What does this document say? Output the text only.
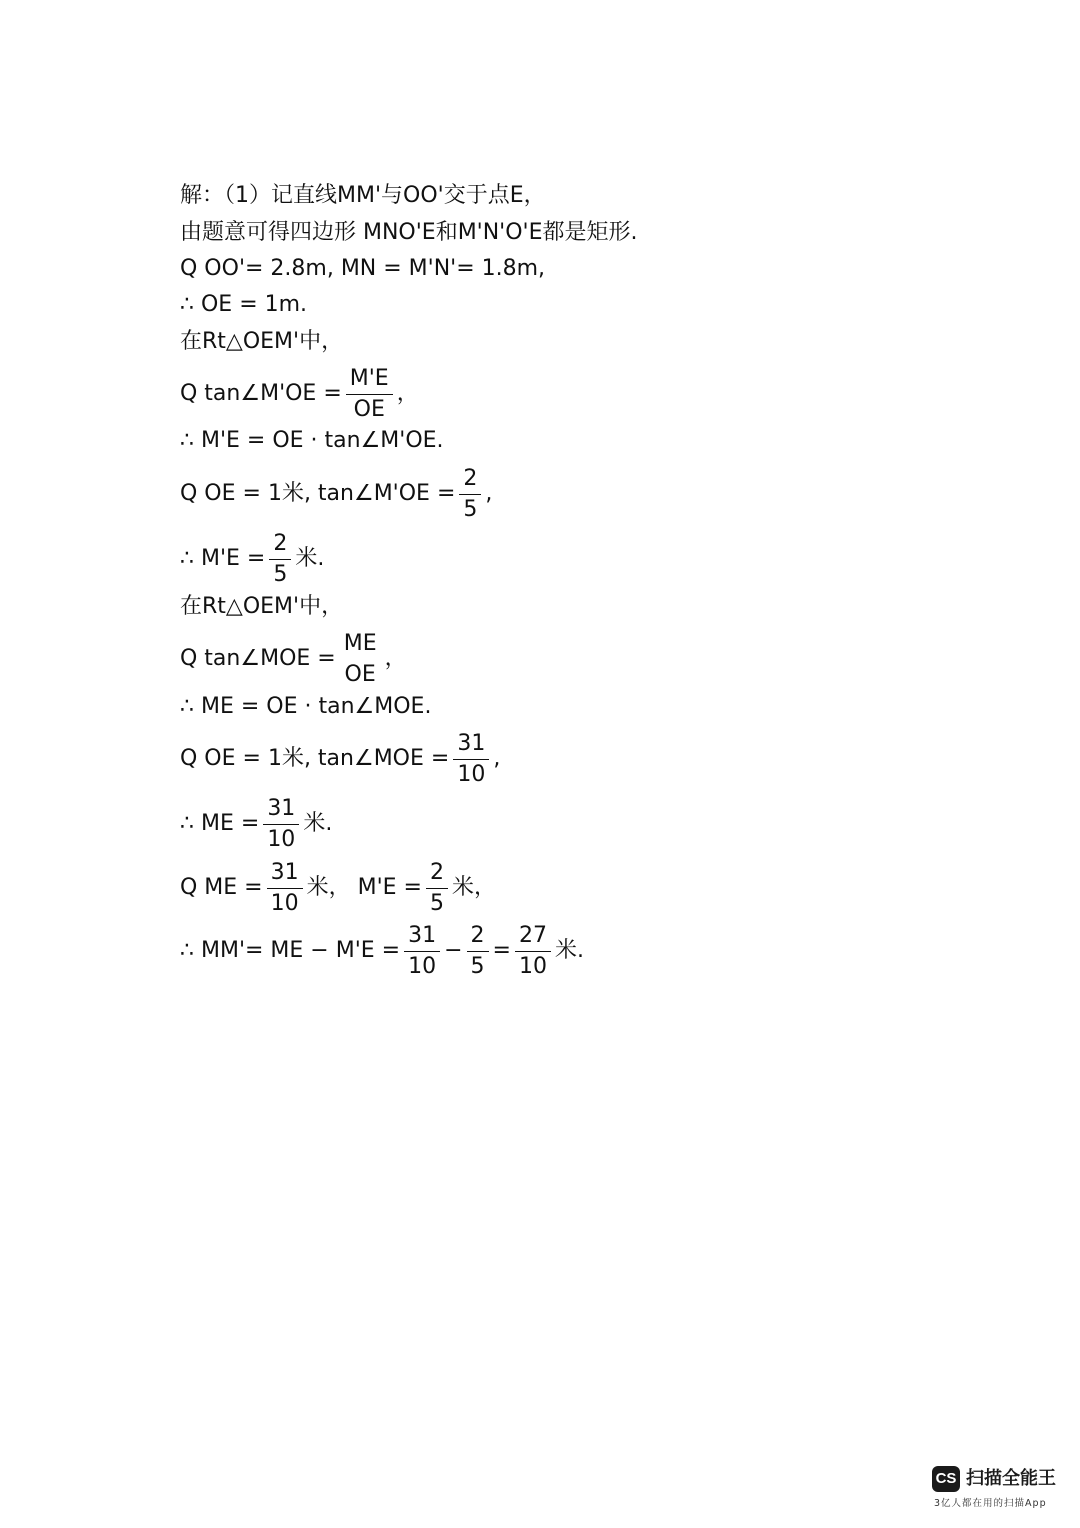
解：（1）记直线MM'与OO'交于点E，
由题意可得四边形 MNO'E和M'N'O'E都是矩形.
Q OO'= 2.8m, MN = M'N'= 1.8m,
∴ OE = 1m.
在Rt△OEM'中，
Q tan∠M'OE = $\frac{M'E}{OE}$ ，
∴ M'E = OE · tan∠M'OE.
Q OE = 1米, tan∠M'OE = $\frac{2}{5}$ ,
∴ $M'E = \frac{2}{5}$ 米.
在Rt△OEM'中，
Q tan∠MOE =
ME
OE
，
∴ ME = OE · tan∠MOE.
Q OE = 1米, tan∠MOE = $\frac{31}{10}$ ,
∴ ME = $\frac{31}{10}$ 米.
Q ME = $\frac{31}{10}$ 米， $M'E = \frac{2}{5}$ 米，
∴ MM'= ME − $M'E = \frac{31}{10} - \frac{2}{5} = \frac{27}{10}$ 米.
CS 扫描全能王
3亿人都在用的扫描App
